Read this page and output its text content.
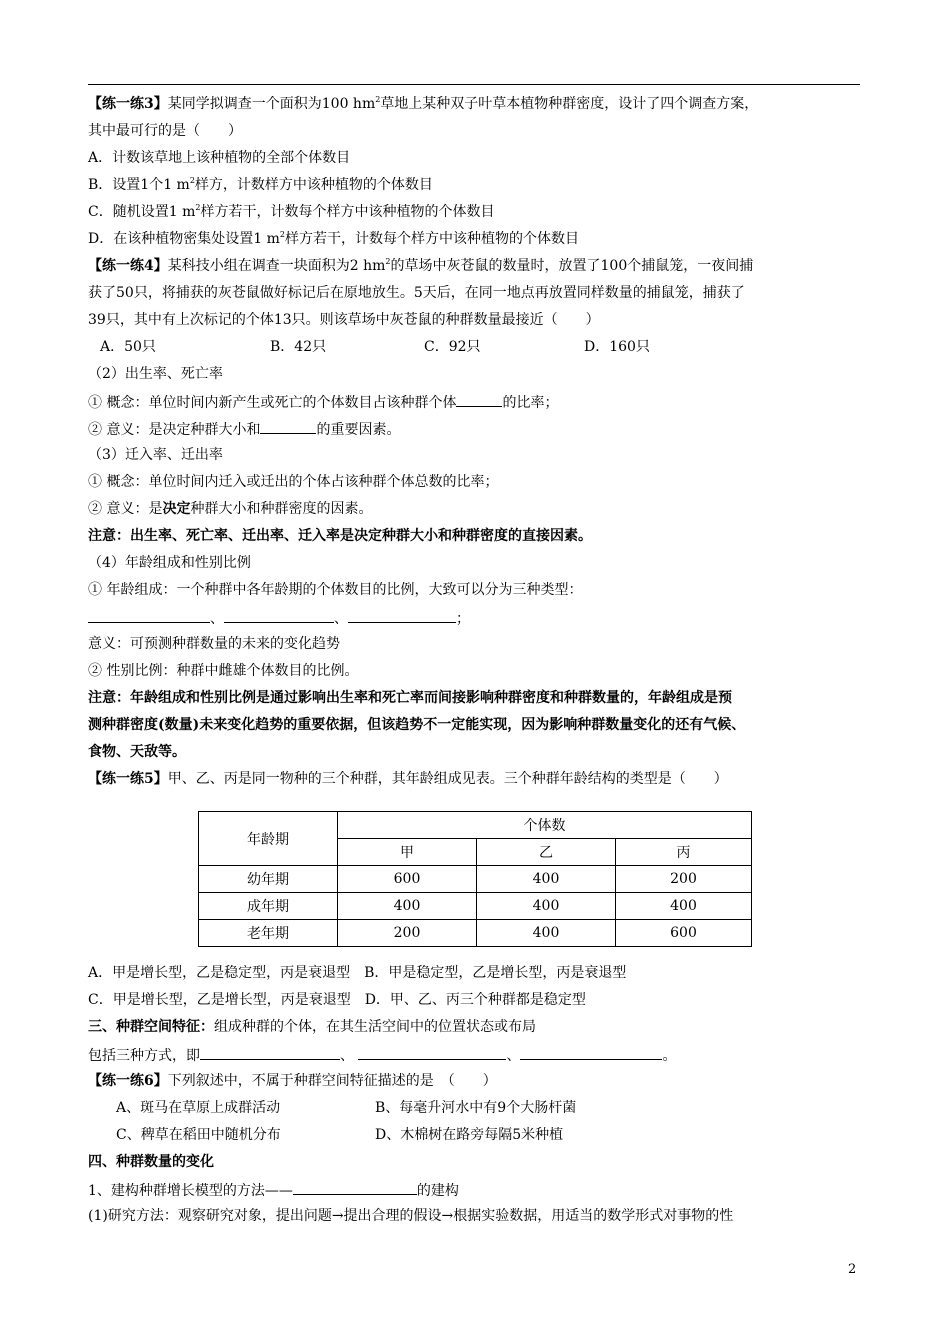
【练一练3】某同学拟调查一个面积为100 $hm^2$草地上某种双子叶草本植物种群密度，设计了四个调查方案，
其中最可行的是（　　）
A．计数该草地上该种植物的全部个体数目
B．设置1个1 $m^2$样方，计数样方中该种植物的个体数目
C．随机设置1 $m^2$样方若干，计数每个样方中该种植物的个体数目
D．在该种植物密集处设置1 $m^2$样方若干，计数每个样方中该种植物的个体数目
【练一练4】某科技小组在调查一块面积为2 $hm^2$的草场中灰苍鼠的数量时，放置了100个捕鼠笼，一夜间捕
获了50只，将捕获的灰苍鼠做好标记后在原地放生。5天后，在同一地点再放置同样数量的捕鼠笼，捕获了
39只，其中有上次标记的个体13只。则该草场中灰苍鼠的种群数量最接近（　　）
A．50只	B．42只	C．92只	D．160只
（2）出生率、死亡率
① 概念：单位时间内新产生或死亡的个体数目占该种群个体	的比率；
② 意义：是决定种群大小和	的重要因素。
（3）迁入率、迁出率
① 概念：单位时间内迁入或迁出的个体占该种群个体总数的比率；
② 意义：是决定种群大小和种群密度的因素。
注意：出生率、死亡率、迁出率、迁入率是决定种群大小和种群密度的直接因素。
（4）年龄组成和性别比例
① 年龄组成：一个种群中各年龄期的个体数目的比例，大致可以分为三种类型：
、	、	；
意义：可预测种群数量的未来的变化趋势
② 性别比例：种群中雌雄个体数目的比例。
注意：年龄组成和性别比例是通过影响出生率和死亡率而间接影响种群密度和种群数量的，年龄组成是预
测种群密度(数量)未来变化趋势的重要依据，但该趋势不一定能实现，因为影响种群数量变化的还有气候、
食物、天敌等。
【练一练5】甲、乙、丙是同一物种的三个种群，其年龄组成见表。三个种群年龄结构的类型是（　　）
年龄期	个体数		
	甲	乙	丙
幼年期	600	400	200
成年期	400	400	400
老年期	200	400	600
A．甲是增长型，乙是稳定型，丙是衰退型　B．甲是稳定型，乙是增长型，丙是衰退型
C．甲是增长型，乙是增长型，丙是衰退型　D．甲、乙、丙三个种群都是稳定型
三、种群空间特征：组成种群的个体，在其生活空间中的位置状态或布局
包括三种方式，即	、	、	。
【练一练6】下列叙述中，不属于种群空间特征描述的是　（　　）
A、斑马在草原上成群活动	B、每毫升河水中有9个大肠杆菌
C、稗草在稻田中随机分布	D、木棉树在路旁每隔5米种植
四、种群数量的变化
1、建构种群增长模型的方法——	的建构
(1)研究方法：观察研究对象，提出问题→提出合理的假设→根据实验数据，用适当的数学形式对事物的性
2
